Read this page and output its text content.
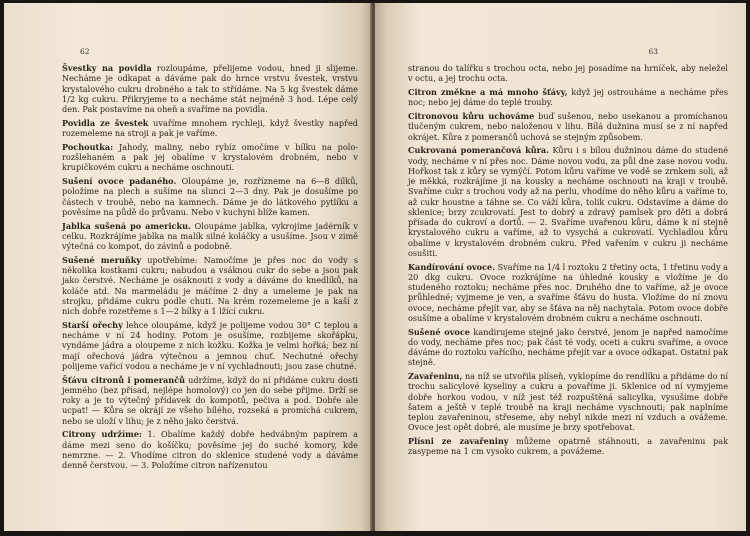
62

Švestky na povidla rozloupáme, přelijeme vodou, hned ji slijeme. Necháme je odkapat a dáváme pak do hrnce vrstvu švestek, vrstvu krystalového cukru drobného a tak to střídáme. Na 5 kg švestek dáme 1/2 kg cukru. Přikryjeme to a necháme stát nejméně 3 hod. Lépe celý den. Pak postavíme na oheň a svaříme na povidla.

Povidla ze švestek uvaříme mnohem rychleji, když švestky napřed rozemeleme na stroji a pak je vaříme.

Pochoutka: Jahody, maliny, nebo rybíz omočíme v bílku na polo-rozšlehaném a pak jej obalíme v krystalovém drobném, nebo v krupičkovém cukru a necháme oschnouti.

Sušení ovoce padaného. Oloupáme je, rozřízneme na 6—8 dílků, položíme na plech a sušíme na slunci 2—3 dny. Pak je dosušíme po částech v troubě, nebo na kamnech. Dáme je do látkového pytlíku a pověsíme na půdě do průvanu. Nebo v kuchyni blíže kamen.

Jablka sušená po americku. Oloupáme jablka, vykrojíme jadérník v celku. Rozkrájíme jablka na malík silné koláčky a usušíme. Jsou v zimě výtečná co kompot, do závinů a podobně.

Sušené meruňky upotřebíme: Namočíme je přes noc do vody s několika kostkami cukru; nabudou a vsáknou cukr do sebe a jsou pak jako čerstvé. Necháme je osáknouti z vody a dáváme do knedlíků, na koláče atd. Na marmeládu je máčíme 2 dny a umeleme je pak na strojku, přidáme cukru podle chuti. Na krém rozemeleme je a kaší z nich dobře rozetřeme s 1—2 bílky a 1 lžící cukru.

Starší ořechy lehce oloupáme, když je polijeme vodou 30° C teplou a necháme v ní 24 hodiny. Potom je osušíme, rozbijeme skořápku, vyndáme jádra a oloupeme z nich kožku. Kožka je velmi hořká; bez ní mají ořechová jádra výtečnou a jemnou chuť. Nechutné ořechy polijeme vařící vodou a necháme je v ní vychladnouti; jsou zase chutné.

Šťávu citronů i pomerančů udržíme, když do ní přidáme cukru dosti jemného (bez přísad, nejlépe homolový) co jen do sebe přijme. Drží se roky a je to výtečný přídavek do kompotů, pečiva a pod. Dobře ale ucpat! — Kůra se okrájí ze všeho bílého, rozseká a promíchá cukrem, nebo se uloží v lihu; je z něho jako čerstvá.

Citrony udržíme: 1. Obalíme každý dobře hedvábným papírem a dáme mezi seno do košíčku; pověsíme jej do suché komory, kde nemrzne. — 2. Vhodíme citron do sklenice studené vody a dáváme denně čerstvou. — 3. Položíme citron nařízenutou

63

stranou do talířku s trochou octa, nebo jej posadíme na hrníček, aby neležel v octu, a jej trochu octa.

Citron změkne a má mnoho šťávy, když jej ostrouháme a necháme přes noc; nebo jej dáme do teplé trouby.

Citronovou kůru uchováme buď sušenou, nebo usekanou a promíchanou tlučeným cukrem, nebo naloženou v lihu. Bílá dužnina musí se z ní napřed okrájet. Kůra z pomerančů uchová se stejným způsobem.

Cukrovaná pomerančová kůra. Kůru i s bílou dužninou dáme do studené vody, necháme v ní přes noc. Dáme novou vodu, za půl dne zase novou vodu. Hořkost tak z kůry se vymýčí. Potom kůru vaříme ve vodě se zrnkem soli, až je měkká, rozkrájíme ji na kousky a necháme oschnouti na kraji v troubě. Svaříme cukr s trochou vody až na perlu, vhodíme do něho kůru a vaříme to, až cukr houstne a táhne se. Co váží kůra, tolik cukru. Odstavíme a dáme do sklenice; brzy zcukrovatí. Jest to dobrý a zdravý pamlsek pro děti a dobrá přísada do cukroví a dortů. — 2. Svaříme uvařenou kůru, dáme k ní stejně krystalového cukru a vaříme, až to vysychá a cukrovatí. Vychladlou kůru obalíme v krystalovém drobném cukru. Před vařením v cukru ji necháme osušiti.

Kandírování ovoce. Svaříme na 1/4 l roztoku 2 třetiny octa, 1 třetinu vody a 20 dkg cukru. Ovoce rozkrájíme na úhledné kousky a vložíme je do studeného roztoku; necháme přes noc. Druhého dne to vaříme, až je ovoce průhledné; vyjmeme je ven, a svaříme šťávu do husta. Vložíme do ní znovu ovoce, necháme přejít var, aby se šťáva na něj nachytala. Potom ovoce dobře osušíme a obalíme v krystalovém drobném cukru a necháme oschnouti.

Sušené ovoce kandirujeme stejně jako čerstvé, jenom je napřed namočíme do vody, necháme přes noc; pak část té vody, oceti a cukru svaříme, a ovoce dáváme do roztoku vařícího, necháme přejít var a ovoce odkapat. Ostatní pak stejně.

Zavařeninu, na níž se utvořila plíseň, vyklopíme do rendlíku a přidáme do ní trochu salicylové kyseliny a cukru a povaříme ji. Sklenice od ní vymyjeme dobře horkou vodou, v níž jest též rozpuštěná salicylka, vysušíme dobře šatem a ještě v teplé troubě na kraji necháme vyschnouti; pak naplníme teplou zavařeninou, střeseme, aby nebyl nikde mezi ní vzduch a ovážeme. Ovoce jest opět dobré, ale musíme je brzy spotřebovat.

Plísni ze zavařeniny můžeme opatrně stáhnouti, a zavařeninu pak zasypeme na 1 cm vysoko cukrem, a povážeme.
